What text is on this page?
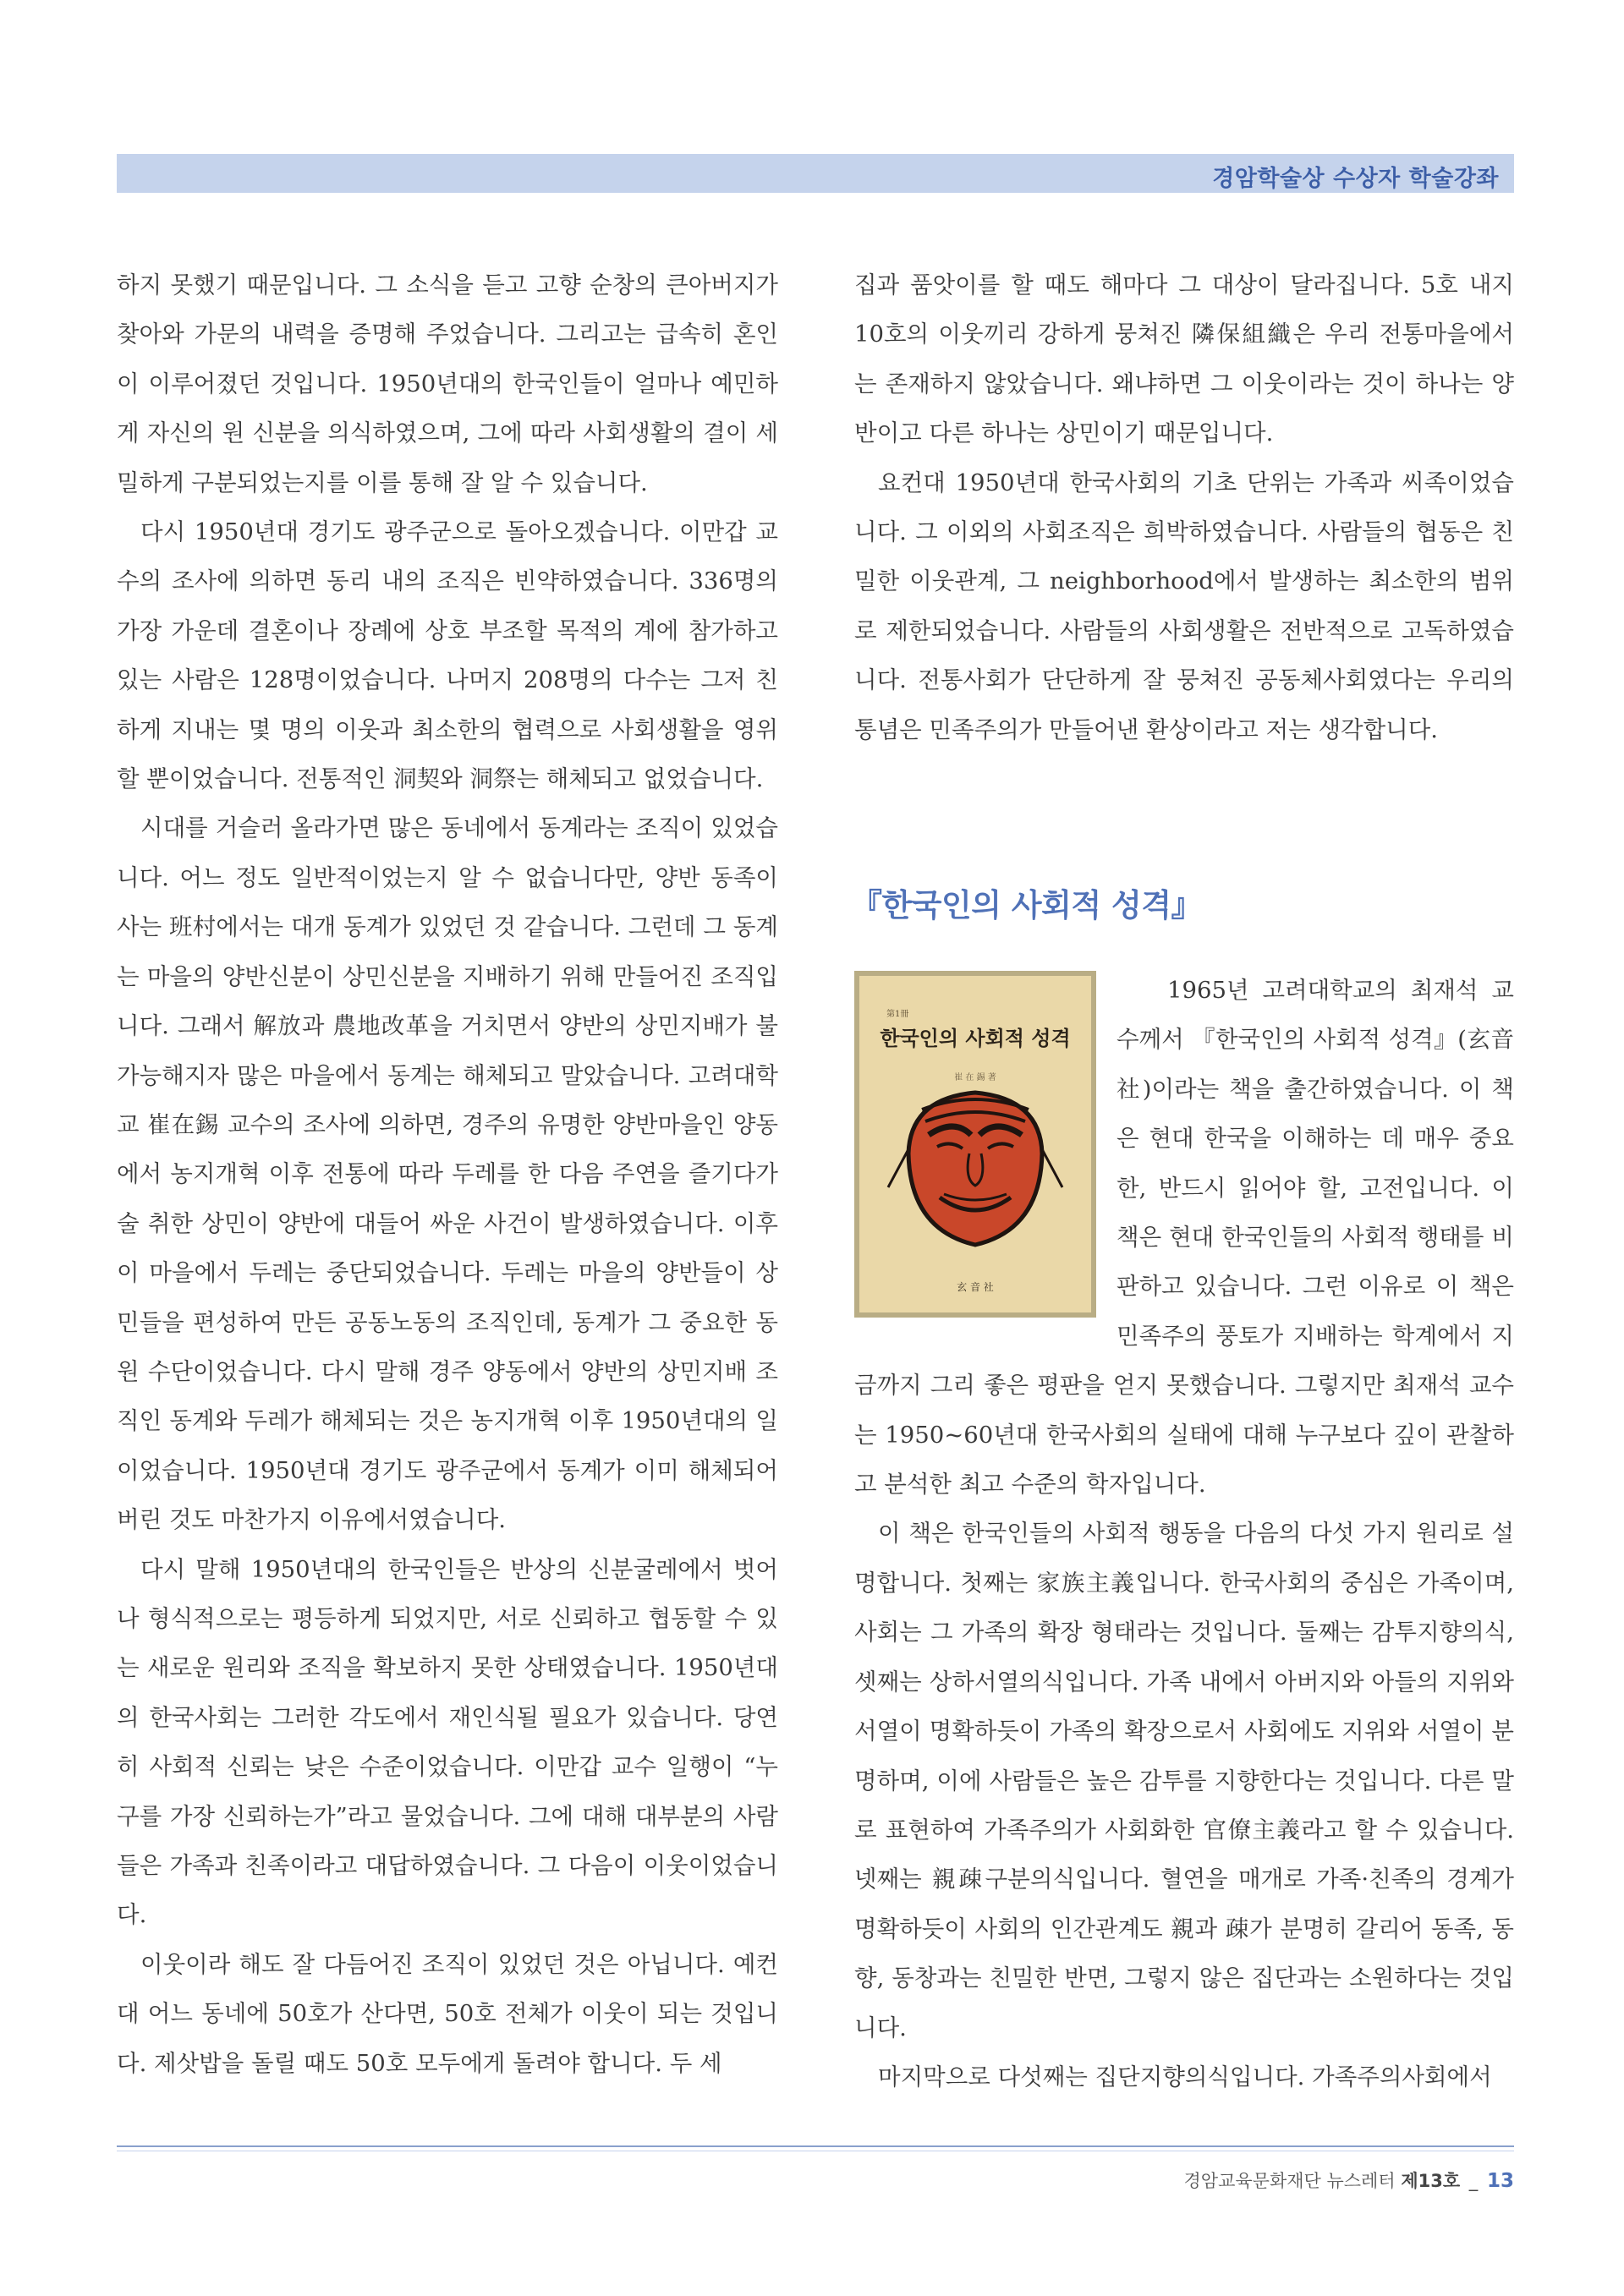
경암학술상 수상자 학술강좌

하지 못했기 때문입니다. 그 소식을 듣고 고향 순창의 큰아버지가 찾아와 가문의 내력을 증명해 주었습니다. 그리고는 급속히 혼인이 이루어졌던 것입니다. 1950년대의 한국인들이 얼마나 예민하게 자신의 원 신분을 의식하였으며, 그에 따라 사회생활의 결이 세밀하게 구분되었는지를 이를 통해 잘 알 수 있습니다.

다시 1950년대 경기도 광주군으로 돌아오겠습니다. 이만갑 교수의 조사에 의하면 동리 내의 조직은 빈약하였습니다. 336명의 가장 가운데 결혼이나 장례에 상호 부조할 목적의 계에 참가하고 있는 사람은 128명이었습니다. 나머지 208명의 다수는 그저 친하게 지내는 몇 명의 이웃과 최소한의 협력으로 사회생활을 영위할 뿐이었습니다. 전통적인 洞契와 洞祭는 해체되고 없었습니다.

시대를 거슬러 올라가면 많은 동네에서 동계라는 조직이 있었습니다. 어느 정도 일반적이었는지 알 수 없습니다만, 양반 동족이 사는 班村에서는 대개 동계가 있었던 것 같습니다. 그런데 그 동계는 마을의 양반신분이 상민신분을 지배하기 위해 만들어진 조직입니다. 그래서 解放과 農地改革을 거치면서 양반의 상민지배가 불가능해지자 많은 마을에서 동계는 해체되고 말았습니다. 고려대학교 崔在錫 교수의 조사에 의하면, 경주의 유명한 양반마을인 양동에서 농지개혁 이후 전통에 따라 두레를 한 다음 주연을 즐기다가 술 취한 상민이 양반에 대들어 싸운 사건이 발생하였습니다. 이후 이 마을에서 두레는 중단되었습니다. 두레는 마을의 양반들이 상민들을 편성하여 만든 공동노동의 조직인데, 동계가 그 중요한 동원 수단이었습니다. 다시 말해 경주 양동에서 양반의 상민지배 조직인 동계와 두레가 해체되는 것은 농지개혁 이후 1950년대의 일이었습니다. 1950년대 경기도 광주군에서 동계가 이미 해체되어 버린 것도 마찬가지 이유에서였습니다.

다시 말해 1950년대의 한국인들은 반상의 신분굴레에서 벗어나 형식적으로는 평등하게 되었지만, 서로 신뢰하고 협동할 수 있는 새로운 원리와 조직을 확보하지 못한 상태였습니다. 1950년대의 한국사회는 그러한 각도에서 재인식될 필요가 있습니다. 당연히 사회적 신뢰는 낮은 수준이었습니다. 이만갑 교수 일행이 “누구를 가장 신뢰하는가”라고 물었습니다. 그에 대해 대부분의 사람들은 가족과 친족이라고 대답하였습니다. 그 다음이 이웃이었습니다.

이웃이라 해도 잘 다듬어진 조직이 있었던 것은 아닙니다. 예컨대 어느 동네에 50호가 산다면, 50호 전체가 이웃이 되는 것입니다. 제삿밥을 돌릴 때도 50호 모두에게 돌려야 합니다. 두 세

집과 품앗이를 할 때도 해마다 그 대상이 달라집니다. 5호 내지 10호의 이웃끼리 강하게 뭉쳐진 隣保組織은 우리 전통마을에서는 존재하지 않았습니다. 왜냐하면 그 이웃이라는 것이 하나는 양반이고 다른 하나는 상민이기 때문입니다.

요컨대 1950년대 한국사회의 기초 단위는 가족과 씨족이었습니다. 그 이외의 사회조직은 희박하였습니다. 사람들의 협동은 친밀한 이웃관계, 그 neighborhood에서 발생하는 최소한의 범위로 제한되었습니다. 사람들의 사회생활은 전반적으로 고독하였습니다. 전통사회가 단단하게 잘 뭉쳐진 공동체사회였다는 우리의 통념은 민족주의가 만들어낸 환상이라고 저는 생각합니다.

『한국인의 사회적 성격』
第1冊
한국인의 사회적 성격
崔 在 錫 著
玄 音 社

1965년 고려대학교의 최재석 교수께서 『한국인의 사회적 성격』(玄音社)이라는 책을 출간하였습니다. 이 책은 현대 한국을 이해하는 데 매우 중요한, 반드시 읽어야 할, 고전입니다. 이 책은 현대 한국인들의 사회적 행태를 비판하고 있습니다. 그런 이유로 이 책은 민족주의 풍토가 지배하는 학계에서 지금까지 그리 좋은 평판을 얻지 못했습니다. 그렇지만 최재석 교수는 1950~60년대 한국사회의 실태에 대해 누구보다 깊이 관찰하고 분석한 최고 수준의 학자입니다.

이 책은 한국인들의 사회적 행동을 다음의 다섯 가지 원리로 설명합니다. 첫째는 家族主義입니다. 한국사회의 중심은 가족이며, 사회는 그 가족의 확장 형태라는 것입니다. 둘째는 감투지향의식, 셋째는 상하서열의식입니다. 가족 내에서 아버지와 아들의 지위와 서열이 명확하듯이 가족의 확장으로서 사회에도 지위와 서열이 분명하며, 이에 사람들은 높은 감투를 지향한다는 것입니다. 다른 말로 표현하여 가족주의가 사회화한 官僚主義라고 할 수 있습니다. 넷째는 親疎구분의식입니다. 혈연을 매개로 가족·친족의 경계가 명확하듯이 사회의 인간관계도 親과 疎가 분명히 갈리어 동족, 동향, 동창과는 친밀한 반면, 그렇지 않은 집단과는 소원하다는 것입니다.

마지막으로 다섯째는 집단지향의식입니다. 가족주의사회에서

경암교육문화재단 뉴스레터 제13호 _ 13
